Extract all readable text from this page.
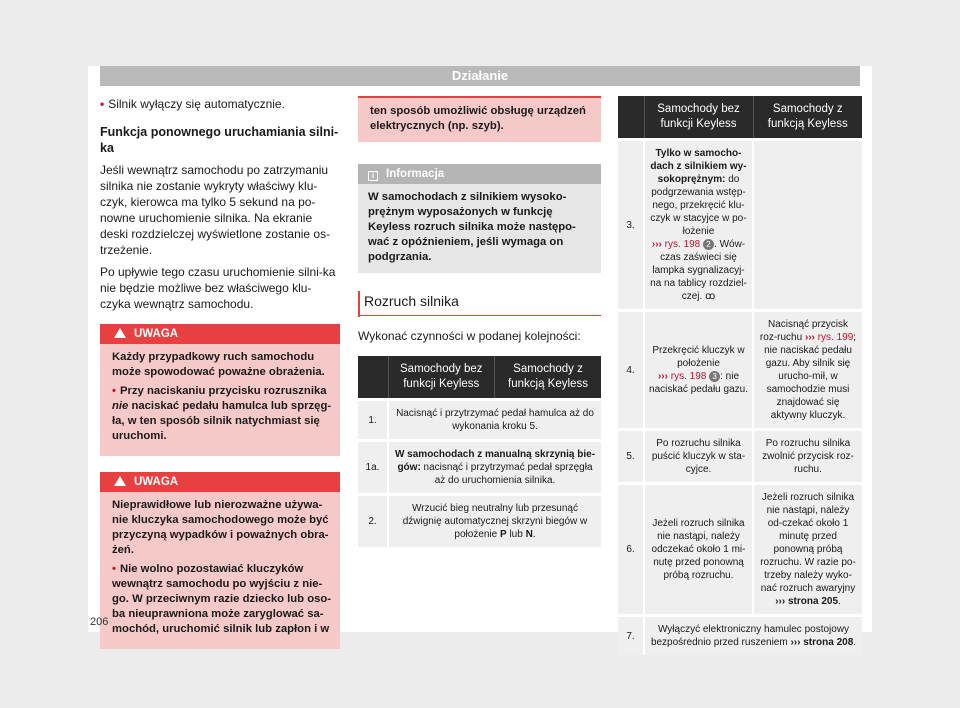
Działanie
• Silnik wyłączy się automatycznie.
Funkcja ponownego uruchamiania silni-ka

Jeśli wewnątrz samochodu po zatrzymaniu silnika nie zostanie wykryty właściwy klu-czyk, kierowca ma tylko 5 sekund na po-nowne uruchomienie silnika. Na ekranie deski rozdzielczej wyświetlone zostanie os-trzeżenie.

Po upływie tego czasu uruchomienie silni-ka nie będzie możliwe bez właściwego klu-czyka wewnątrz samochodu.

UWAGA

Każdy przypadkowy ruch samochodu może spowodować poważne obrażenia.

• Przy naciskaniu przycisku rozrusznika nie naciskać pedału hamulca lub sprzęg-ła, w ten sposób silnik natychmiast się uruchomi.

UWAGA

Nieprawidłowe lub nierozważne używa-nie kluczyka samochodowego może być przyczyną wypadków i poważnych obra-żeń.

• Nie wolno pozostawiać kluczyków wewnątrz samochodu po wyjściu z nie-go. W przeciwnym razie dziecko lub oso-ba nieuprawniona może zaryglować sa-mochód, uruchomić silnik lub zapłon i w

ten sposób umożliwić obsługę urządzeń elektrycznych (np. szyb).
i Informacja
W samochodach z silnikiem wysoko-prężnym wyposażonych w funkcję Keyless rozruch silnika może następo-wać z opóźnieniem, jeśli wymaga on podgrzania.
Rozruch silnika

Wykonać czynności w podanej kolejności:

	Samochody bez funkcji Keyless	Samochody z funkcją Keyless
1.	Nacisnąć i przytrzymać pedał hamulca aż do wykonania kroku 5.	
1a.	W samochodach z manualną skrzynią bie-gów: nacisnąć i przytrzymać pedał sprzęgła aż do uruchomienia silnika.	
2.	Wrzucić bieg neutralny lub przesunąć dźwignię automatycznej skrzyni biegów w położenie P lub N.	
	Samochody bez funkcji Keyless	Samochody z funkcją Keyless
3.	Tylko w samocho-dach z silnikiem wy-sokoprężnym: do podgrzewania wstęp-nego, przekręcić klu-czyk w stacyjce w po-łożenie
››› rys. 198 2 . Wów-czas zaświeci się lampka sygnalizacyj-na na tablicy rozdziel-czej. ꝏ	
4.	Przekręcić kluczyk w położenie
››› rys. 198 3 : nie naciskać pedału gazu.	Nacisnąć przycisk roz-ruchu ››› rys. 199; nie naciskać pedału gazu. Aby silnik się urucho-mił, w samochodzie musi znajdować się aktywny kluczyk.
5.	Po rozruchu silnika puścić kluczyk w sta-cyjce.	Po rozruchu silnika zwolnić przycisk roz-ruchu.
6.	Jeżeli rozruch silnika nie nastąpi, należy odczekać około 1 mi-nutę przed ponowną próbą rozruchu.	Jeżeli rozruch silnika nie nastąpi, należy od-czekać około 1 minutę przed ponowną próbą rozruchu. W razie po-trzeby należy wyko-nać rozruch awaryjny ››› strona 205.
7.	Wyłączyć elektroniczny hamulec postojowy bezpośrednio przed ruszeniem ››› strona 208.	
206
